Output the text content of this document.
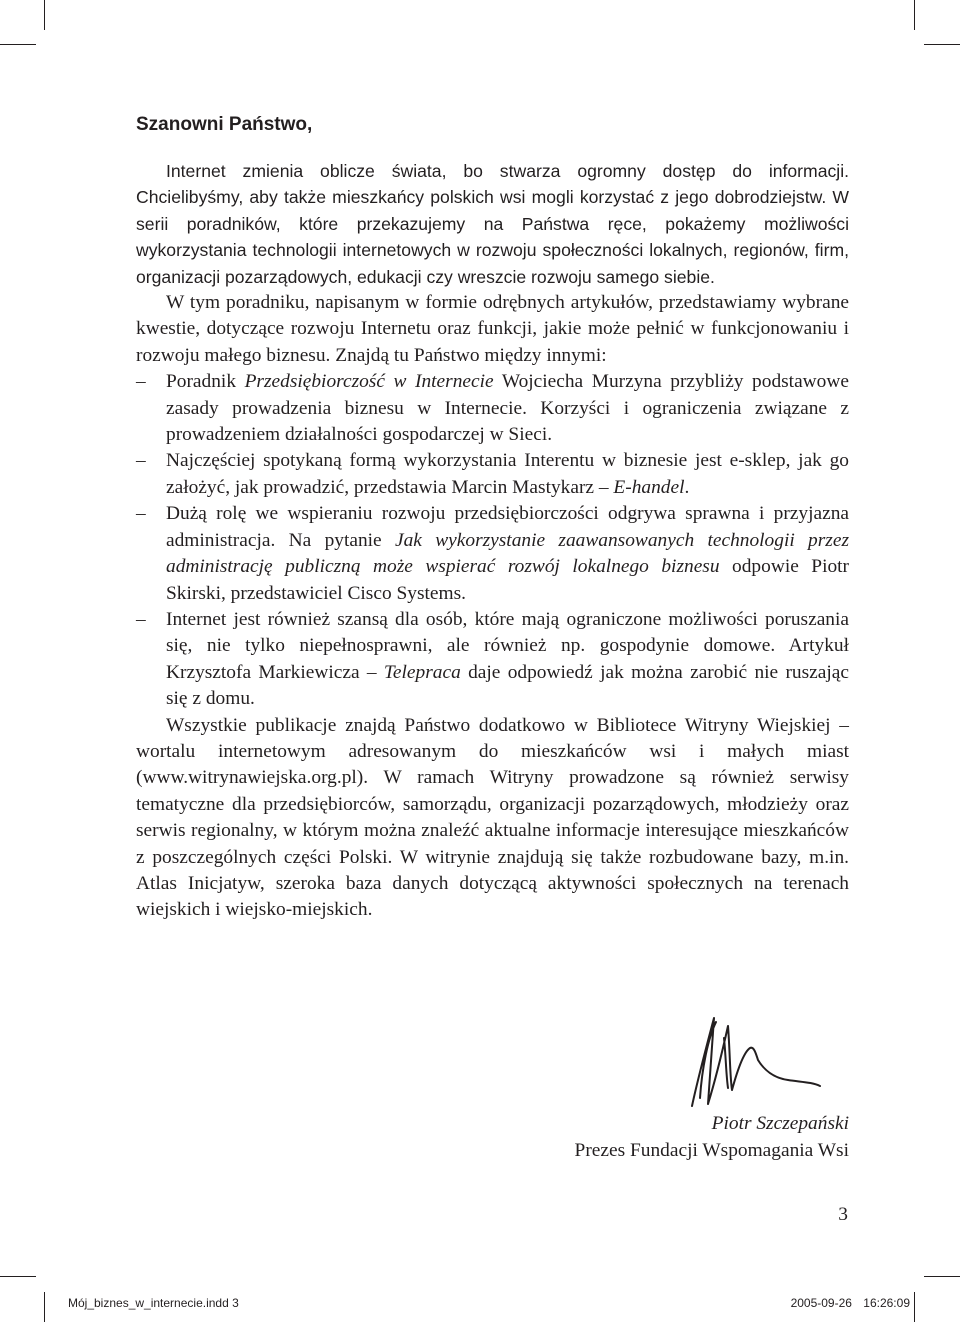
Szanowni Państwo,

Internet zmienia oblicze świata, bo stwarza ogromny dostęp do informacji. Chcielibyśmy, aby także mieszkańcy polskich wsi mogli korzystać z jego dobrodziejstw. W serii poradników, które przekazujemy na Państwa ręce, pokażemy możliwości wykorzystania technologii internetowych w rozwoju społeczności lokalnych, regionów, firm, organizacji pozarządowych, edukacji czy wreszcie rozwoju samego siebie.

W tym poradniku, napisanym w formie odrębnych artykułów, przedstawiamy wybrane kwestie, dotyczące rozwoju Internetu oraz funkcji, jakie może pełnić w funkcjonowaniu i rozwoju małego biznesu. Znajdą tu Państwo między innymi:

– Poradnik Przedsiębiorczość w Internecie Wojciecha Murzyna przybliży podstawowe zasady prowadzenia biznesu w Internecie. Korzyści i ograniczenia związane z prowadzeniem działalności gospodarczej w Sieci.

– Najczęściej spotykaną formą wykorzystania Interentu w biznesie jest e-sklep, jak go założyć, jak prowadzić, przedstawia Marcin Mastykarz – E-handel.

– Dużą rolę we wspieraniu rozwoju przedsiębiorczości odgrywa sprawna i przyjazna administracja. Na pytanie Jak wykorzystanie zaawansowanych technologii przez administrację publiczną może wspierać rozwój lokalnego biznesu odpowie Piotr Skirski, przedstawiciel Cisco Systems.

– Internet jest również szansą dla osób, które mają ograniczone możliwości poruszania się, nie tylko niepełnosprawni, ale również np. gospodynie domowe. Artykuł Krzysztofa Markiewicza – Telepraca daje odpowiedź jak można zarobić nie ruszając się z domu.

Wszystkie publikacje znajdą Państwo dodatkowo w Bibliotece Witryny Wiejskiej – wortalu internetowym adresowanym do mieszkańców wsi i małych miast (www.witrynawiejska.org.pl). W ramach Witryny prowadzone są również serwisy tematyczne dla przedsiębiorców, samorządu, organizacji pozarządowych, młodzieży oraz serwis regionalny, w którym można znaleźć aktualne informacje interesujące mieszkańców z poszczególnych części Polski. W witrynie znajdują się także rozbudowane bazy, m.in. Atlas Inicjatyw, szeroka baza danych dotyczącą aktywności społecznych na terenach wiejskich i wiejsko-miejskich.

Piotr Szczepański
Prezes Fundacji Wspomagania Wsi
3
Mój_biznes_w_internecie.indd 3	2005-09-26 16:26:09
